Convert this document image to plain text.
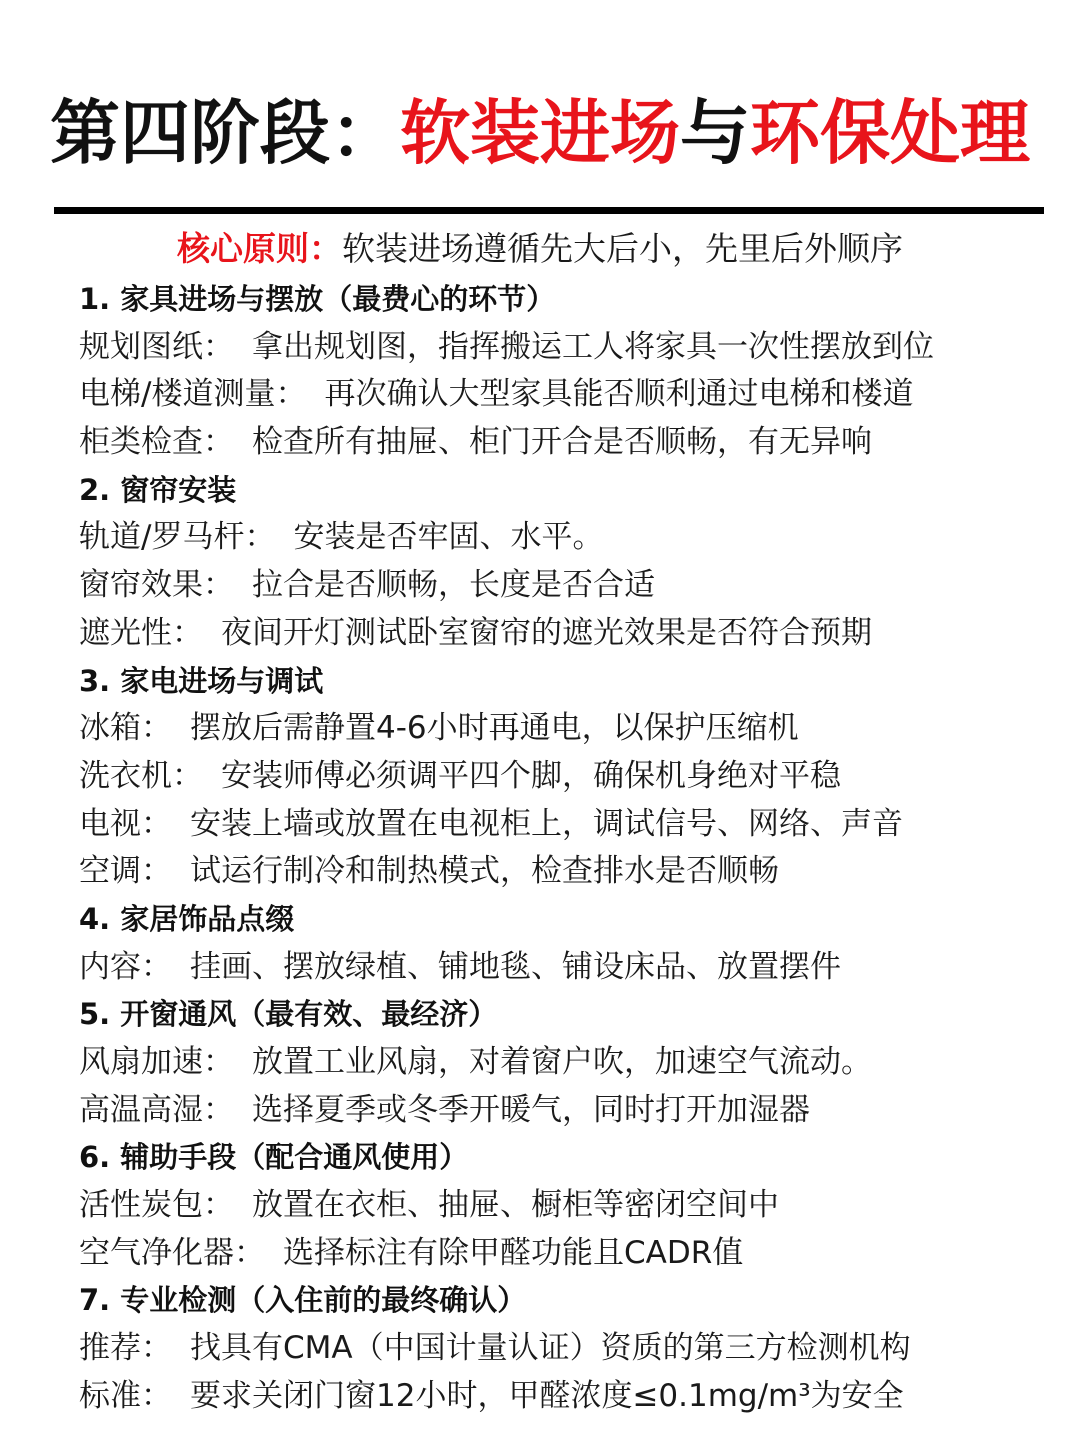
第四阶段：软装进场与环保处理
核心原则：软装进场遵循先大后小，先里后外顺序
1. 家具进场与摆放（最费心的环节）
规划图纸： 拿出规划图，指挥搬运工人将家具一次性摆放到位
电梯/楼道测量： 再次确认大型家具能否顺利通过电梯和楼道
柜类检查： 检查所有抽屉、柜门开合是否顺畅，有无异响
2. 窗帘安装
轨道/罗马杆： 安装是否牢固、水平。
窗帘效果： 拉合是否顺畅，长度是否合适
遮光性： 夜间开灯测试卧室窗帘的遮光效果是否符合预期
3. 家电进场与调试
冰箱： 摆放后需静置4-6小时再通电，以保护压缩机
洗衣机： 安装师傅必须调平四个脚，确保机身绝对平稳
电视： 安装上墙或放置在电视柜上，调试信号、网络、声音
空调： 试运行制冷和制热模式，检查排水是否顺畅
4. 家居饰品点缀
内容： 挂画、摆放绿植、铺地毯、铺设床品、放置摆件
5. 开窗通风（最有效、最经济）
风扇加速： 放置工业风扇，对着窗户吹，加速空气流动。
高温高湿： 选择夏季或冬季开暖气，同时打开加湿器
6. 辅助手段（配合通风使用）
活性炭包： 放置在衣柜、抽屉、橱柜等密闭空间中
空气净化器： 选择标注有除甲醛功能且CADR值
7. 专业检测（入住前的最终确认）
推荐： 找具有CMA（中国计量认证）资质的第三方检测机构
标准： 要求关闭门窗12小时，甲醛浓度≤0.1mg/m³为安全
